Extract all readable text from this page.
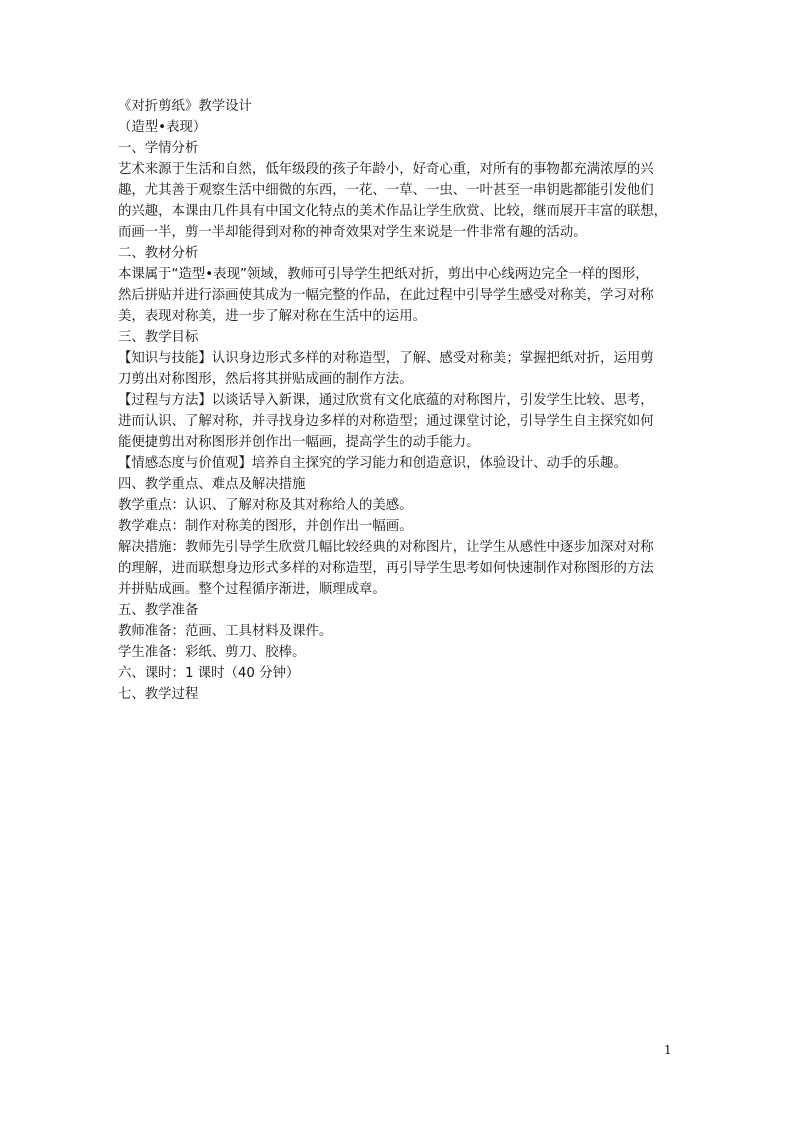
《对折剪纸》教学设计

（造型•表现）

一、学情分析

艺术来源于生活和自然，低年级段的孩子年龄小，好奇心重，对所有的事物都充满浓厚的兴

趣，尤其善于观察生活中细微的东西，一花、一草、一虫、一叶甚至一串钥匙都能引发他们

的兴趣，本课由几件具有中国文化特点的美术作品让学生欣赏、比较，继而展开丰富的联想，

而画一半，剪一半却能得到对称的神奇效果对学生来说是一件非常有趣的活动。

二、教材分析

本课属于“造型•表现”领域，教师可引导学生把纸对折，剪出中心线两边完全一样的图形，

然后拼贴并进行添画使其成为一幅完整的作品，在此过程中引导学生感受对称美，学习对称

美，表现对称美，进一步了解对称在生活中的运用。

三、教学目标

【知识与技能】认识身边形式多样的对称造型，了解、感受对称美；掌握把纸对折，运用剪

刀剪出对称图形，然后将其拼贴成画的制作方法。

【过程与方法】以谈话导入新课，通过欣赏有文化底蕴的对称图片，引发学生比较、思考，

进而认识、了解对称，并寻找身边多样的对称造型；通过课堂讨论，引导学生自主探究如何

能便捷剪出对称图形并创作出一幅画，提高学生的动手能力。

【情感态度与价值观】培养自主探究的学习能力和创造意识，体验设计、动手的乐趣。

四、教学重点、难点及解决措施

教学重点：认识、了解对称及其对称给人的美感。

教学难点：制作对称美的图形，并创作出一幅画。

解决措施：教师先引导学生欣赏几幅比较经典的对称图片，让学生从感性中逐步加深对对称

的理解，进而联想身边形式多样的对称造型，再引导学生思考如何快速制作对称图形的方法

并拼贴成画。整个过程循序渐进，顺理成章。

五、教学准备

教师准备：范画、工具材料及课件。

学生准备：彩纸、剪刀、胶棒。

六、课时：1 课时（40 分钟）

七、教学过程

1
